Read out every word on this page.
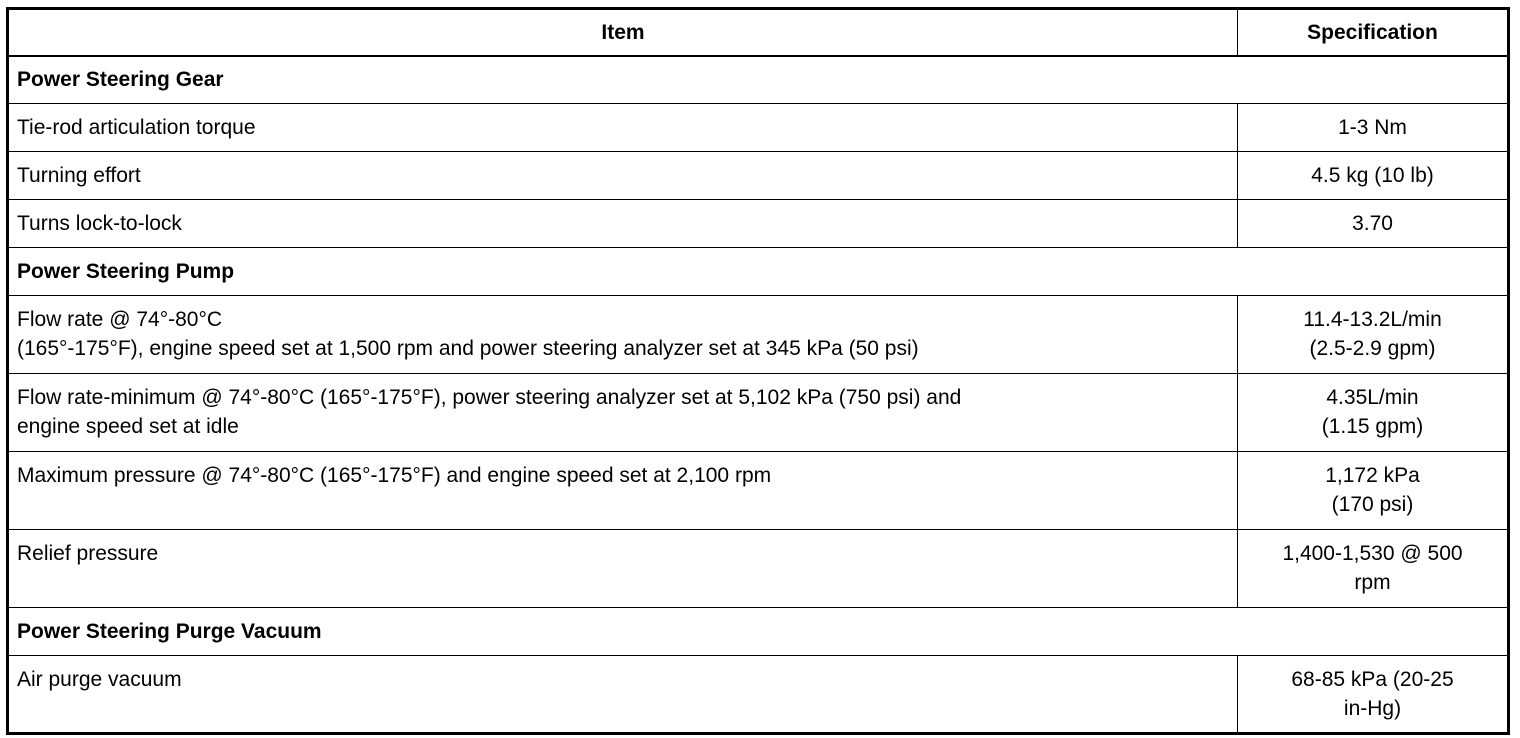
Item	Specification
Power Steering Gear	

Tie-rod articulation torque	1-3 Nm

Turning effort	4.5 kg (10 lb)

Turns lock-to-lock	3.70

Power Steering Pump	

Flow rate @ 74°-80°C
(165°-175°F), engine speed set at 1,500 rpm and power steering analyzer set at 345 kPa (50 psi)	11.4-13.2L/min
(2.5-2.9 gpm)

Flow rate-minimum @ 74°-80°C (165°-175°F), power steering analyzer set at 5,102 kPa (750 psi) and
engine speed set at idle	4.35L/min
(1.15 gpm)

Maximum pressure @ 74°-80°C (165°-175°F) and engine speed set at 2,100 rpm	1,172 kPa
(170 psi)

Relief pressure	1,400-1,530 @ 500
rpm

Power Steering Purge Vacuum	

Air purge vacuum	68-85 kPa (20-25
in-Hg)
